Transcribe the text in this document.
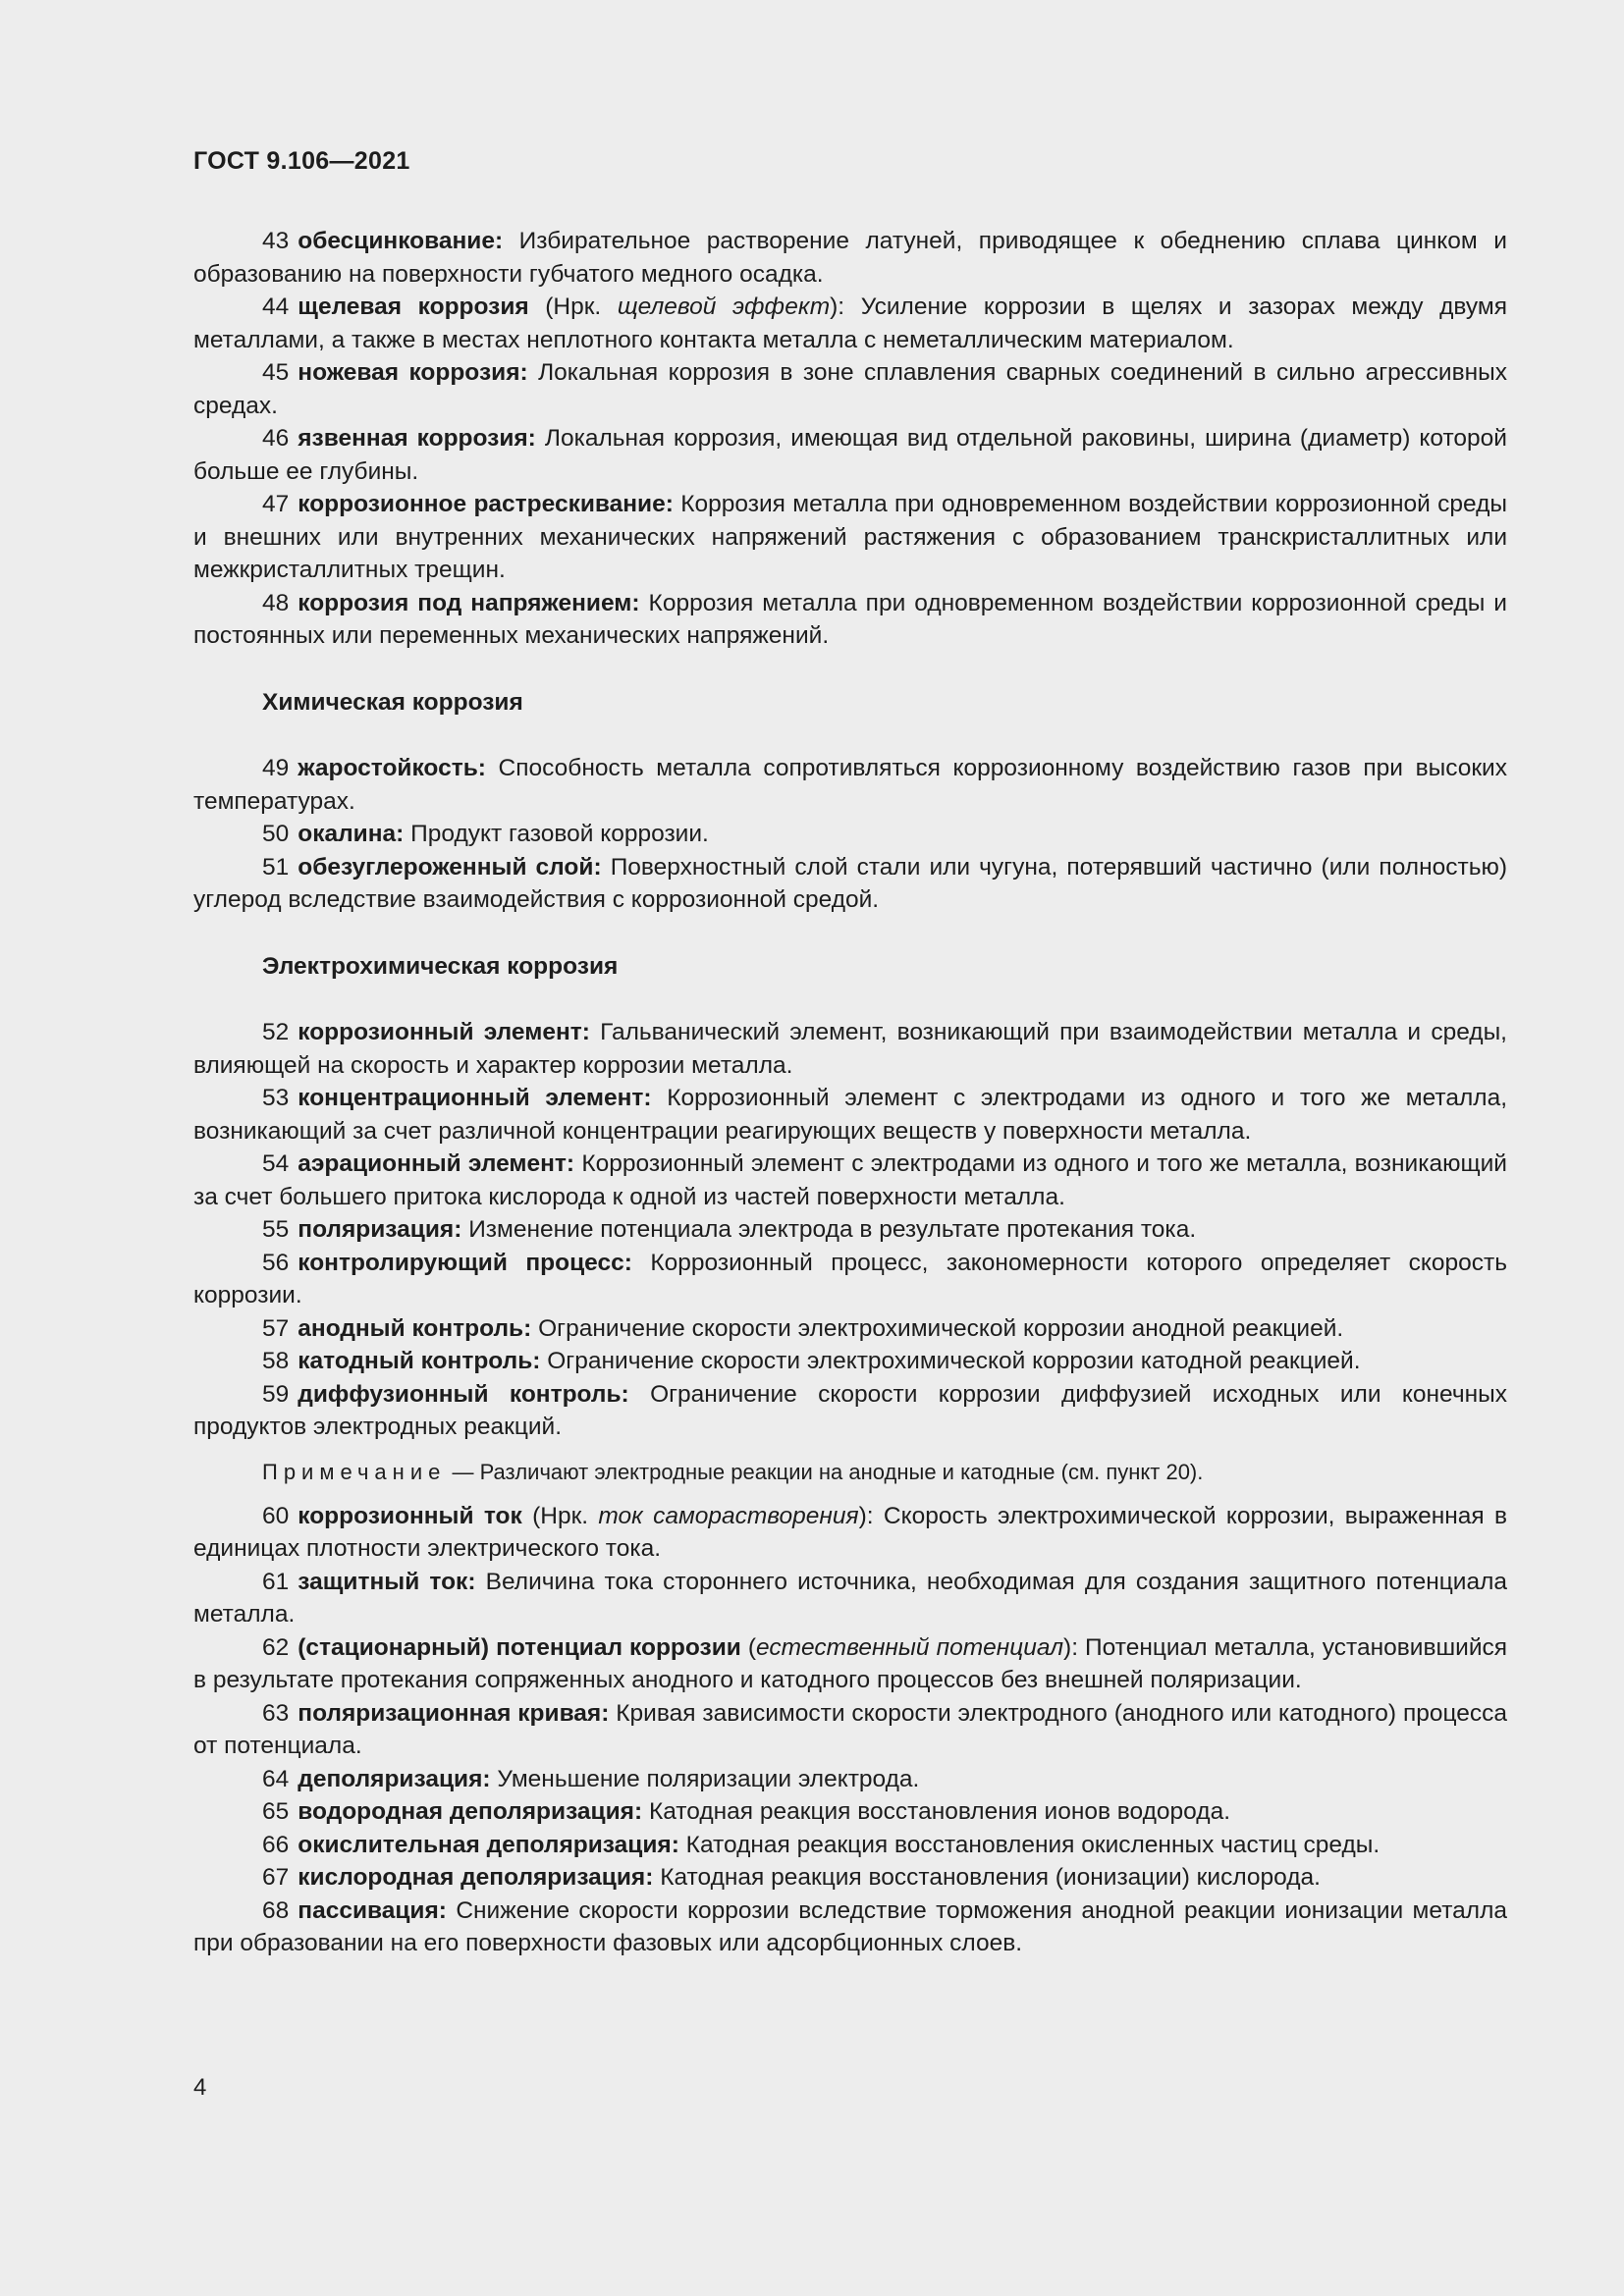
ГОСТ 9.106—2021

43 обесцинкование: Избирательное растворение латуней, приводящее к обеднению сплава цинком и образованию на поверхности губчатого медного осадка.

44 щелевая коррозия (Нрк. щелевой эффект): Усиление коррозии в щелях и зазорах между двумя металлами, а также в местах неплотного контакта металла с неметаллическим материалом.

45 ножевая коррозия: Локальная коррозия в зоне сплавления сварных соединений в сильно агрессивных средах.

46 язвенная коррозия: Локальная коррозия, имеющая вид отдельной раковины, ширина (диаметр) которой больше ее глубины.

47 коррозионное растрескивание: Коррозия металла при одновременном воздействии коррозионной среды и внешних или внутренних механических напряжений растяжения с образованием транскристаллитных или межкристаллитных трещин.

48 коррозия под напряжением: Коррозия металла при одновременном воздействии коррозионной среды и постоянных или переменных механических напряжений.

Химическая коррозия

49 жаростойкость: Способность металла сопротивляться коррозионному воздействию газов при высоких температурах.

50 окалина: Продукт газовой коррозии.

51 обезуглероженный слой: Поверхностный слой стали или чугуна, потерявший частично (или полностью) углерод вследствие взаимодействия с коррозионной средой.

Электрохимическая коррозия

52 коррозионный элемент: Гальванический элемент, возникающий при взаимодействии металла и среды, влияющей на скорость и характер коррозии металла.

53 концентрационный элемент: Коррозионный элемент с электродами из одного и того же металла, возникающий за счет различной концентрации реагирующих веществ у поверхности металла.

54 аэрационный элемент: Коррозионный элемент с электродами из одного и того же металла, возникающий за счет большего притока кислорода к одной из частей поверхности металла.

55 поляризация: Изменение потенциала электрода в результате протекания тока.

56 контролирующий процесс: Коррозионный процесс, закономерности которого определяет скорость коррозии.

57 анодный контроль: Ограничение скорости электрохимической коррозии анодной реакцией.

58 катодный контроль: Ограничение скорости электрохимической коррозии катодной реакцией.

59 диффузионный контроль: Ограничение скорости коррозии диффузией исходных или конечных продуктов электродных реакций.

Примечание — Различают электродные реакции на анодные и катодные (см. пункт 20).

60 коррозионный ток (Нрк. ток саморастворения): Скорость электрохимической коррозии, выраженная в единицах плотности электрического тока.

61 защитный ток: Величина тока стороннего источника, необходимая для создания защитного потенциала металла.

62 (стационарный) потенциал коррозии (естественный потенциал): Потенциал металла, установившийся в результате протекания сопряженных анодного и катодного процессов без внешней поляризации.

63 поляризационная кривая: Кривая зависимости скорости электродного (анодного или катодного) процесса от потенциала.

64 деполяризация: Уменьшение поляризации электрода.

65 водородная деполяризация: Катодная реакция восстановления ионов водорода.

66 окислительная деполяризация: Катодная реакция восстановления окисленных частиц среды.

67 кислородная деполяризация: Катодная реакция восстановления (ионизации) кислорода.

68 пассивация: Снижение скорости коррозии вследствие торможения анодной реакции ионизации металла при образовании на его поверхности фазовых или адсорбционных слоев.

4
